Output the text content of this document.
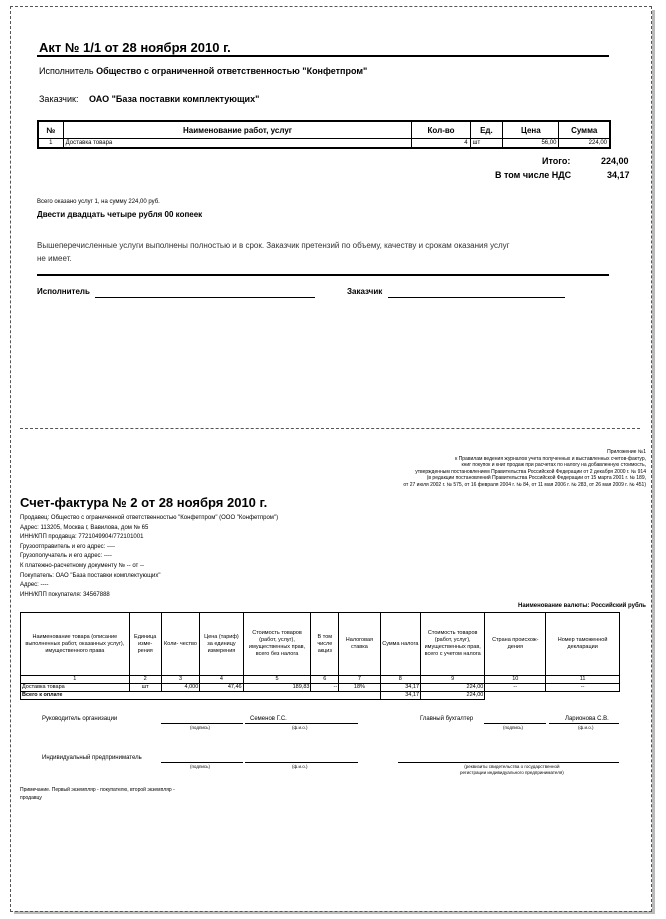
Акт № 1/1 от 28 ноября 2010 г.
Исполнитель Общество с ограниченной ответственностью "Конфетпром"
Заказчик: ОАО "База поставки комплектующих"
№	Наименование работ, услуг	Кол-во	Ед.	Цена	Сумма
1	Доставка товара	4	шт	56,00	224,00
Итого:	224,00
В том числе НДС	34,17
Всего оказано услуг 1, на сумму 224,00 руб.
Двести двадцать четыре рубля 00 копеек
Вышеперечисленные услуги выполнены полностью и в срок. Заказчик претензий по объему, качеству и срокам оказания услуг
не имеет.
Исполнитель	Заказчик
Приложение №1
к Правилам ведения журналов учета полученных и выставленных счетов-фактур,
книг покупок и книг продаж при расчетах по налогу на добавленную стоимость,
утвержденным постановлением Правительства Российской Федерации от 2 декабря 2000 г. № 914
(в редакции постановлений Правительства Российской Федерации от 15 марта 2001 г. № 189,
от 27 июля 2002 г. № 575, от 16 февраля 2004 г. № 84, от 11 мая 2006 г. № 283, от 26 мая 2009 г. № 451)
Счет-фактура № 2 от 28 ноября 2010 г.
Продавец: Общество с ограниченной ответственностью "Конфетпром" (ООО "Конфетпром")
Адрес: 113205, Москва г, Вавилова, дом № 65
ИНН/КПП продавца: 7721049904/772101001
Грузоотправитель и его адрес: ----
Грузополучатель и его адрес: ----
К платежно-расчетному документу № -- от --
Покупатель: ОАО "База поставки комплектующих"
Адрес: ----
ИНН/КПП покупателя: 34567888
Наименование валюты: Российский рубль
Наименование товара (описание выполненных работ, оказанных услуг), имущественного права	Единица изме- рения	Коли- чество	Цена (тариф) за единицу измерения	Стоимость товаров (работ, услуг), имущественных прав, всего без налога	В том числе акциз	Налоговая ставка	Сумма налога	Стоимость товаров (работ, услуг), имущественных прав, всего с учетом налога	Страна происхож- дения	Номер таможенной декларации
1	2	3	4	5	6	7	8	9	10	11
Доставка товара	шт	4,000	47,46	189,83	--	18%	34,17	224,00	--	--
Всего к оплате							34,17	224,00		
Руководитель организации
(подпись)
Семенов Г.С.
(ф.и.о.)
Главный бухгалтер
(подпись)
Ларионова С.В.
(ф.и.о.)
Индивидуальный предприниматель
(подпись)	(ф.и.о.)	(реквизиты свидетельства о государственной
регистрации индивидуального предпринимателя)
Примечание. Первый экземпляр - покупателю, второй экземпляр -
продавцу
